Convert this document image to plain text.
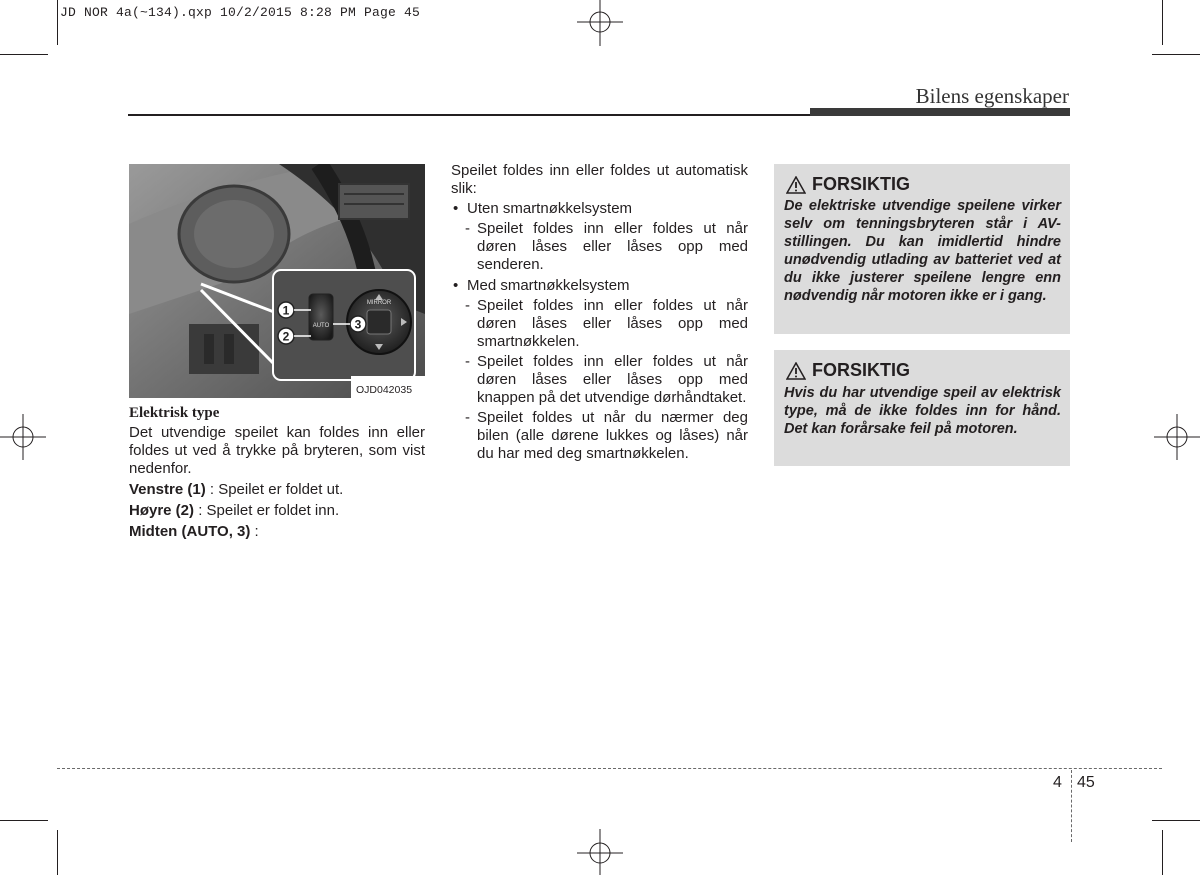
JD NOR 4a(~134).qxp 10/2/2015 8:28 PM Page 45
Bilens egenskaper
1
2
3
MIRROR
AUTO
OJD042035
Elektrisk type

Det utvendige speilet kan foldes inn eller foldes ut ved å trykke på bryteren, som vist nedenfor.

Venstre (1) : Speilet er foldet ut.

Høyre (2) : Speilet er foldet inn.

Midten (AUTO, 3) :

Speilet foldes inn eller foldes ut automatisk slik:

• Uten smartnøkkelsystem
- Speilet foldes inn eller foldes ut når døren låses eller låses opp med senderen.
• Med smartnøkkelsystem
- Speilet foldes inn eller foldes ut når døren låses eller låses opp med smartnøkkelen.
- Speilet foldes inn eller foldes ut når døren låses eller låses opp med knappen på det utvendige dørhåndtaket.
- Speilet foldes ut når du nærmer deg bilen (alle dørene lukkes og låses) når du har med deg smartnøkkelen.
FORSIKTIG
De elektriske utvendige speilene virker selv om tenningsbryteren står i AV-stillingen. Du kan imidlertid hindre unødvendig utlading av batteriet ved at du ikke justerer speilene lengre enn nødvendig når motoren ikke er i gang.
FORSIKTIG
Hvis du har utvendige speil av elektrisk type, må de ikke foldes inn for hånd. Det kan forårsake feil på motoren.
4 45
